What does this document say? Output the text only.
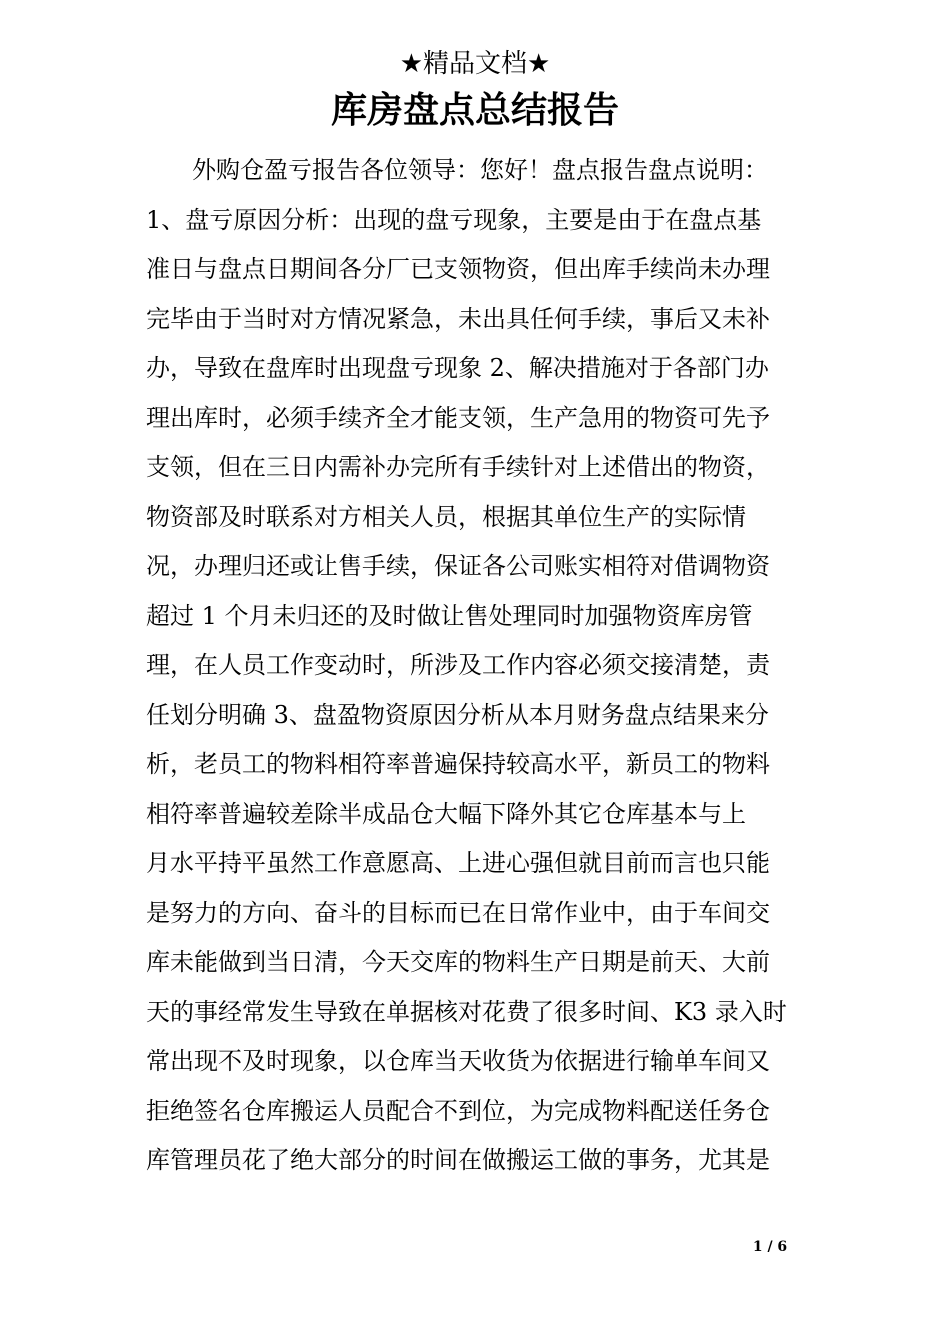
★精品文档★
库房盘点总结报告
外购仓盈亏报告各位领导：您好！盘点报告盘点说明：
1、盘亏原因分析：出现的盘亏现象，主要是由于在盘点基
准日与盘点日期间各分厂已支领物资，但出库手续尚未办理
完毕由于当时对方情况紧急，未出具任何手续，事后又未补
办，导致在盘库时出现盘亏现象 2、解决措施对于各部门办
理出库时，必须手续齐全才能支领，生产急用的物资可先予
支领，但在三日内需补办完所有手续针对上述借出的物资，
物资部及时联系对方相关人员，根据其单位生产的实际情
况，办理归还或让售手续，保证各公司账实相符对借调物资
超过 1 个月未归还的及时做让售处理同时加强物资库房管
理，在人员工作变动时，所涉及工作内容必须交接清楚，责
任划分明确 3、盘盈物资原因分析从本月财务盘点结果来分
析，老员工的物料相符率普遍保持较高水平，新员工的物料
相符率普遍较差除半成品仓大幅下降外其它仓库基本与上
月水平持平虽然工作意愿高、上进心强但就目前而言也只能
是努力的方向、奋斗的目标而已在日常作业中，由于车间交
库未能做到当日清，今天交库的物料生产日期是前天、大前
天的事经常发生导致在单据核对花费了很多时间、K3 录入时
常出现不及时现象，以仓库当天收货为依据进行输单车间又
拒绝签名仓库搬运人员配合不到位，为完成物料配送任务仓
库管理员花了绝大部分的时间在做搬运工做的事务，尤其是
1 / 6
